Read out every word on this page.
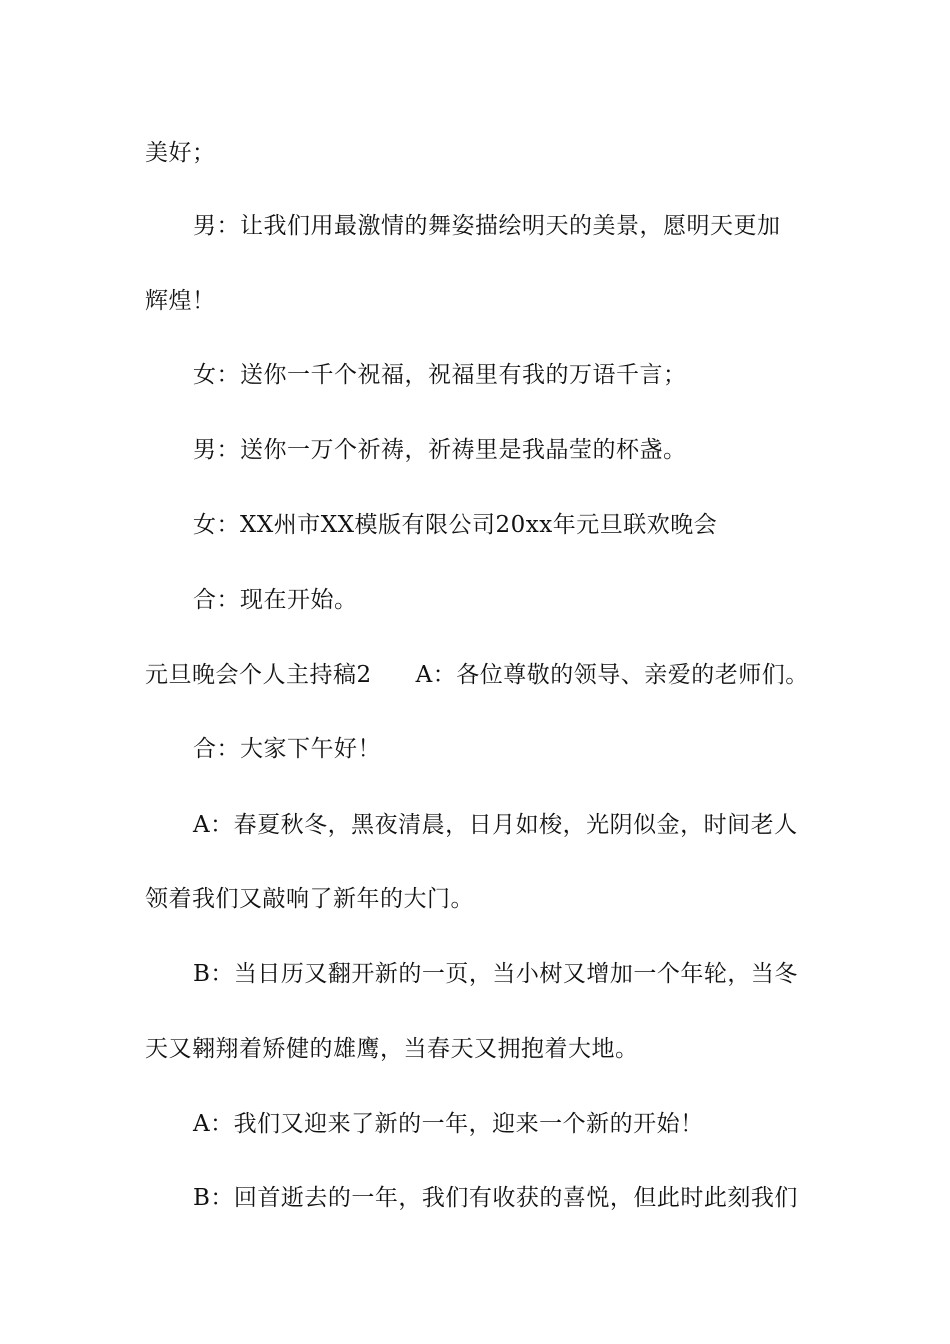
美好；
男：让我们用最激情的舞姿描绘明天的美景，愿明天更加
辉煌！
女：送你一千个祝福，祝福里有我的万语千言；
男：送你一万个祈祷，祈祷里是我晶莹的杯盏。
女：XX州市XX模版有限公司20xx年元旦联欢晚会
合：现在开始。
元旦晚会个人主持稿2 A：各位尊敬的领导、亲爱的老师们。
合：大家下午好！
A：春夏秋冬，黑夜清晨，日月如梭，光阴似金，时间老人
领着我们又敲响了新年的大门。
B：当日历又翻开新的一页，当小树又增加一个年轮，当冬
天又翱翔着矫健的雄鹰，当春天又拥抱着大地。
A：我们又迎来了新的一年，迎来一个新的开始！
B：回首逝去的一年，我们有收获的喜悦，但此时此刻我们
